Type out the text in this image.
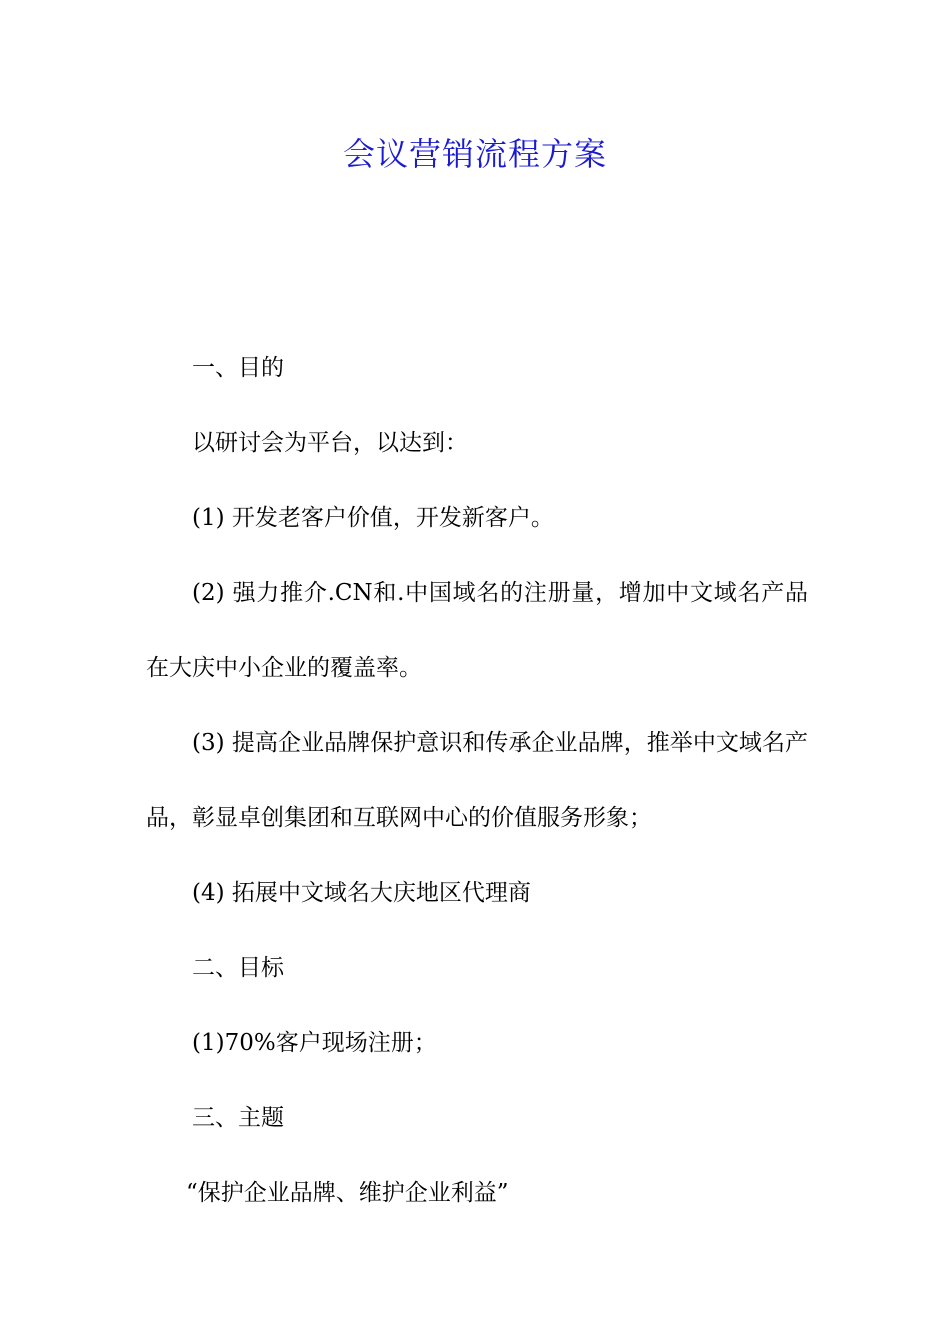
会议营销流程方案

一、目的

以研讨会为平台，以达到：

(1) 开发老客户价值，开发新客户。

(2) 强力推介.CN和.中国域名的注册量，增加中文域名产品在大庆中小企业的覆盖率。

(3) 提高企业品牌保护意识和传承企业品牌，推举中文域名产品，彰显卓创集团和互联网中心的价值服务形象；

(4) 拓展中文域名大庆地区代理商

二、目标

(1)70%客户现场注册；

三、主题

“保护企业品牌、维护企业利益”
